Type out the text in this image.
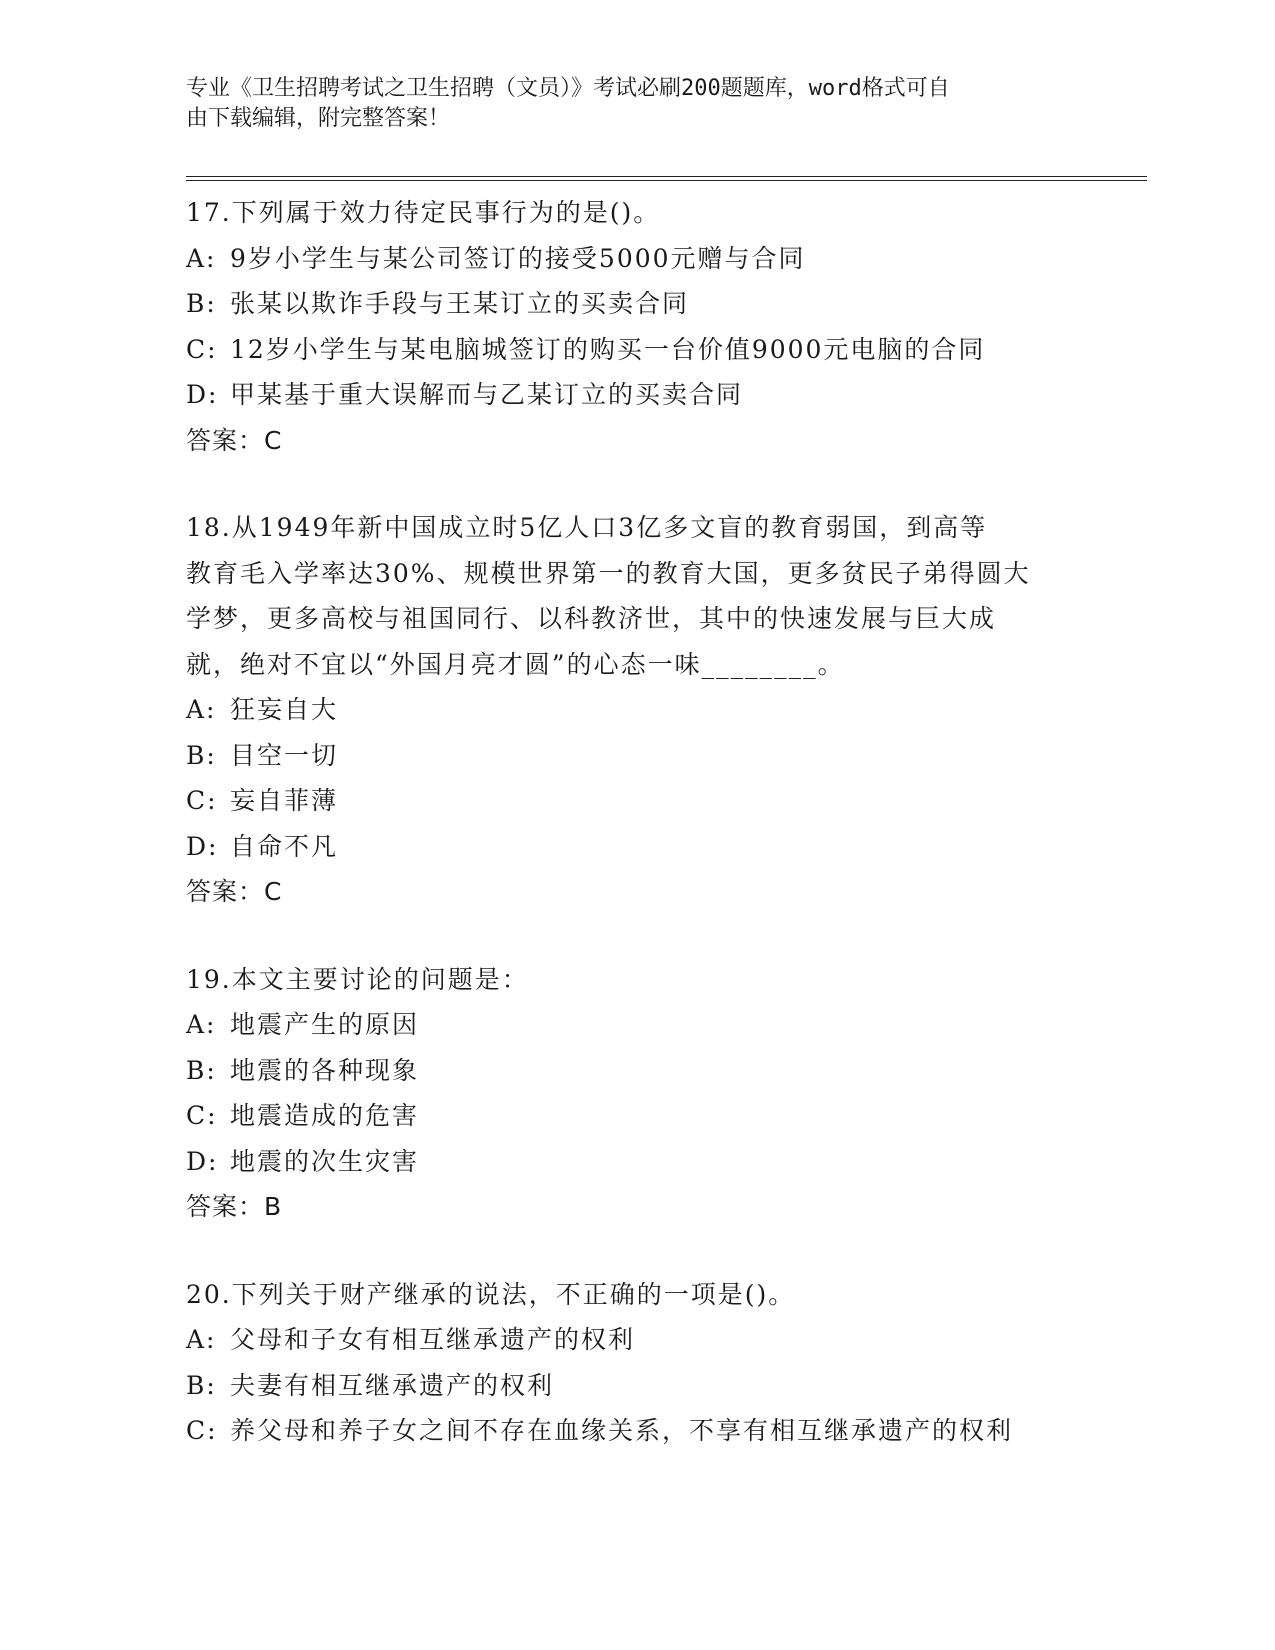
专业《卫生招聘考试之卫生招聘（文员）》考试必刷200题题库，word格式可自
由下载编辑，附完整答案！
17.下列属于效力待定民事行为的是()。
A: 9岁小学生与某公司签订的接受5000元赠与合同
B: 张某以欺诈手段与王某订立的买卖合同
C: 12岁小学生与某电脑城签订的购买一台价值9000元电脑的合同
D: 甲某基于重大误解而与乙某订立的买卖合同
答案：C
18.从1949年新中国成立时5亿人口3亿多文盲的教育弱国，到高等
教育毛入学率达30%、规模世界第一的教育大国，更多贫民子弟得圆大
学梦，更多高校与祖国同行、以科教济世，其中的快速发展与巨大成
就，绝对不宜以“外国月亮才圆”的心态一味________。
A: 狂妄自大
B: 目空一切
C: 妄自菲薄
D: 自命不凡
答案：C
19.本文主要讨论的问题是：
A: 地震产生的原因
B: 地震的各种现象
C: 地震造成的危害
D: 地震的次生灾害
答案：B
20.下列关于财产继承的说法，不正确的一项是()。
A: 父母和子女有相互继承遗产的权利
B: 夫妻有相互继承遗产的权利
C: 养父母和养子女之间不存在血缘关系，不享有相互继承遗产的权利
